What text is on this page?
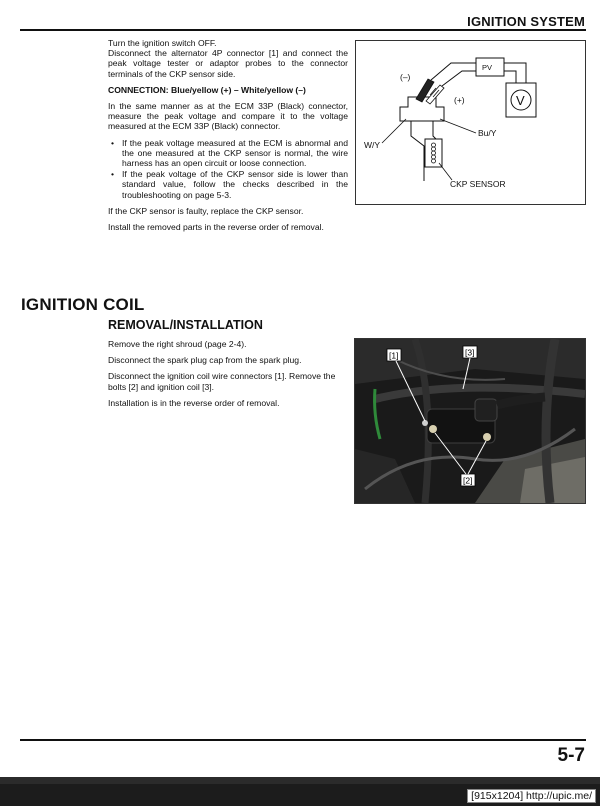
IGNITION SYSTEM

Turn the ignition switch OFF.

Disconnect the alternator 4P connector [1] and connect the peak voltage tester or adaptor probes to the connector terminals of the CKP sensor side.

CONNECTION: Blue/yellow (+) – White/yellow (–)

In the same manner as at the ECM 33P (Black) connector, measure the peak voltage and compare it to the voltage measured at the ECM 33P (Black) connector.

• If the peak voltage measured at the ECM is abnormal and the one measured at the CKP sensor is normal, the wire harness has an open circuit or loose connection.
• If the peak voltage of the CKP sensor side is lower than standard value, follow the checks described in the troubleshooting on page 5-3.

If the CKP sensor is faulty, replace the CKP sensor.

Install the removed parts in the reverse order of removal.

PV
V
(–)
(+)
W/Y
Bu/Y
CKP SENSOR
IGNITION COIL
REMOVAL/INSTALLATION

Remove the right shroud (page 2-4).

Disconnect the spark plug cap from the spark plug.

Disconnect the ignition coil wire connectors [1]. Remove the bolts [2] and ignition coil [3].

Installation is in the reverse order of removal.

[1]	[3]
[2]
5-7
[915x1204] http://upic.me/
